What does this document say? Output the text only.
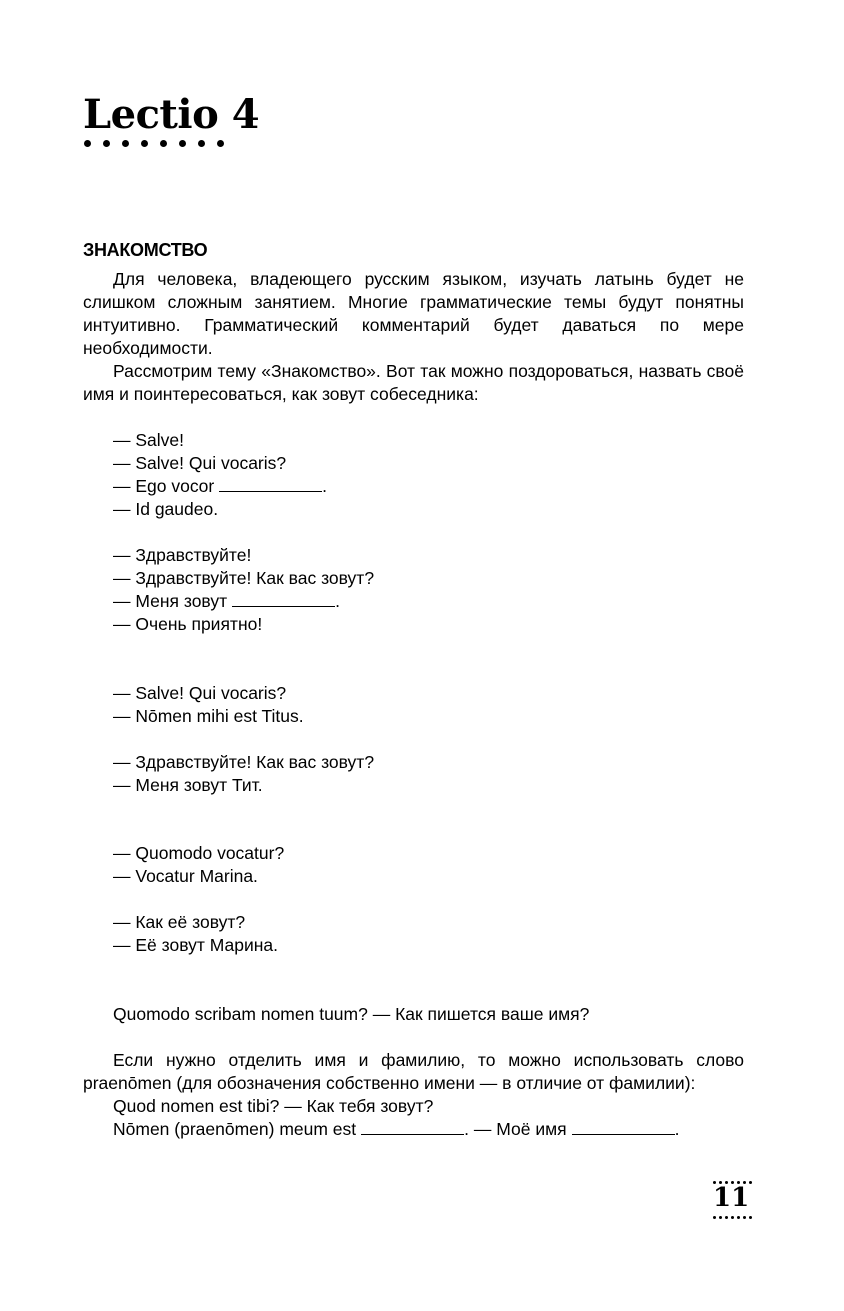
Lectio 4
ЗНАКОМСТВО

Для человека, владеющего русским языком, изучать латынь будет не слишком сложным занятием. Многие грамматические темы будут понятны интуитивно. Грамматический комментарий будет даваться по мере необходимости.

Рассмотрим тему «Знакомство». Вот так можно поздороваться, назвать своё имя и поинтересоваться, как зовут собеседника:

— Salve!

— Salve! Qui vocaris?

— Ego vocor	.

— Id gaudeo.

— Здравствуйте!

— Здравствуйте! Как вас зовут?

— Меня зовут	.

— Очень приятно!

— Salve! Qui vocaris?

— Nōmen mihi est Titus.

— Здравствуйте! Как вас зовут?

— Меня зовут Тит.

— Quomodo vocatur?

— Vocatur Marina.

— Как её зовут?

— Её зовут Марина.

Quomodo scribam nomen tuum? — Как пишется ваше имя?

Если нужно отделить имя и фамилию, то можно использовать слово praenōmen (для обозначения собственно имени — в отличие от фамилии):

Quod nomen est tibi? — Как тебя зовут?

Nōmen (praenōmen) meum est	. — Моё имя	.

11
